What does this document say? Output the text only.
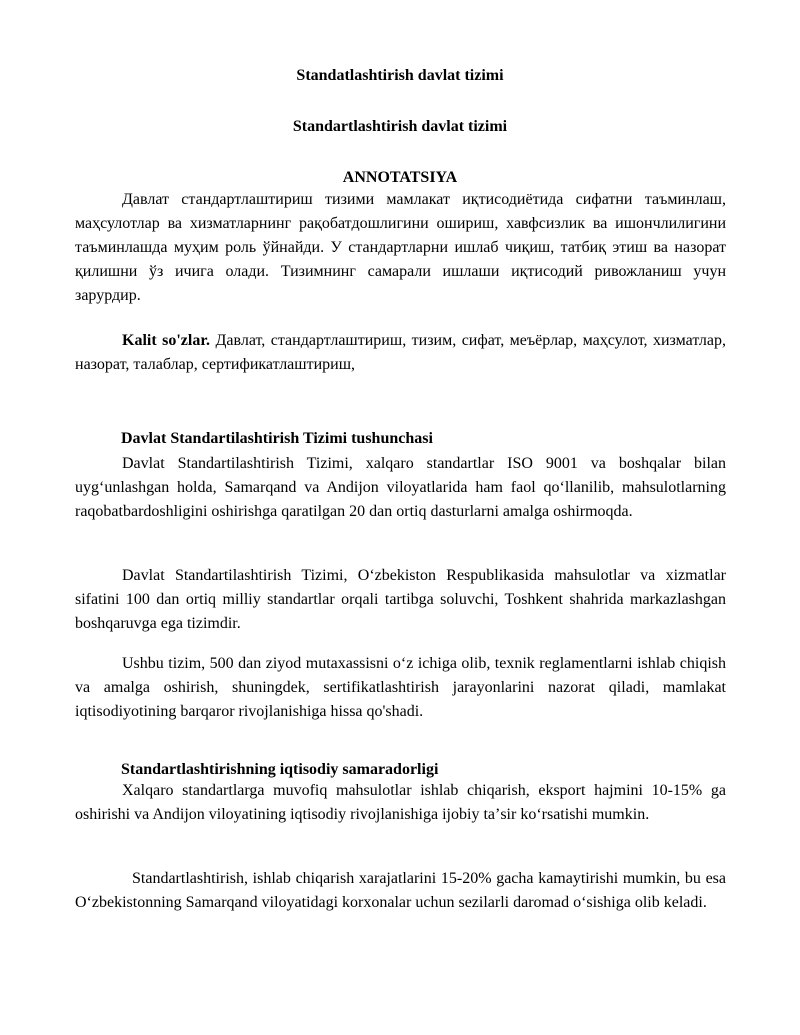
Standatlashtirish davlat tizimi
Standartlashtirish davlat tizimi
ANNOTATSIYA

Давлат стандартлаштириш тизими мамлакат иқтисодиётида сифатни таъминлаш, маҳсулотлар ва хизматларнинг рақобатдошлигини ошириш, хавфсизлик ва ишончлилигини таъминлашда муҳим роль ўйнайди. У стандартларни ишлаб чиқиш, татбиқ этиш ва назорат қилишни ўз ичига олади. Тизимнинг самарали ишлаши иқтисодий ривожланиш учун зарурдир.

Kalit so'zlar. Давлат, стандартлаштириш, тизим, сифат, меъёрлар, маҳсулот, хизматлар, назорат, талаблар, сертификатлаштириш,

Davlat Standartilashtirish Tizimi tushunchasi

Davlat Standartilashtirish Tizimi, xalqaro standartlar ISO 9001 va boshqalar bilan uygʻunlashgan holda, Samarqand va Andijon viloyatlarida ham faol qoʻllanilib, mahsulotlarning raqobatbardoshligini oshirishga qaratilgan 20 dan ortiq dasturlarni amalga oshirmoqda.

Davlat Standartilashtirish Tizimi, Oʻzbekiston Respublikasida mahsulotlar va xizmatlar sifatini 100 dan ortiq milliy standartlar orqali tartibga soluvchi, Toshkent shahrida markazlashgan boshqaruvga ega tizimdir.

Ushbu tizim, 500 dan ziyod mutaxassisni oʻz ichiga olib, texnik reglamentlarni ishlab chiqish va amalga oshirish, shuningdek, sertifikatlashtirish jarayonlarini nazorat qiladi, mamlakat iqtisodiyotining barqaror rivojlanishiga hissa qo'shadi.

Standartlashtirishning iqtisodiy samaradorligi

Xalqaro standartlarga muvofiq mahsulotlar ishlab chiqarish, eksport hajmini 10-15% ga oshirishi va Andijon viloyatining iqtisodiy rivojlanishiga ijobiy taʼsir koʻrsatishi mumkin.

Standartlashtirish, ishlab chiqarish xarajatlarini 15-20% gacha kamaytirishi mumkin, bu esa Oʻzbekistonning Samarqand viloyatidagi korxonalar uchun sezilarli daromad oʻsishiga olib keladi.
